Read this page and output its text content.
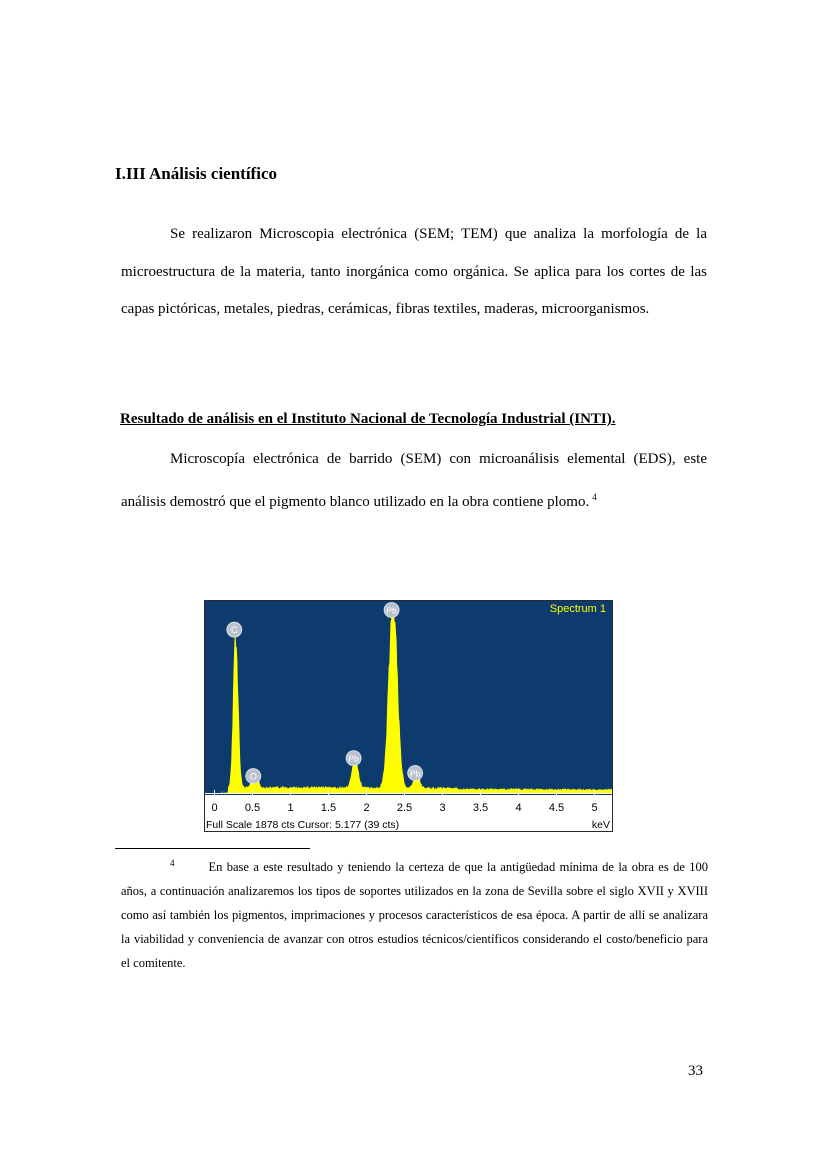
I.III Análisis científico

Se realizaron Microscopia electrónica (SEM; TEM) que analiza la morfología de la microestructura de la materia, tanto inorgánica como orgánica. Se aplica para los cortes de las capas pictóricas, metales, piedras, cerámicas, fibras textiles, maderas, microorganismos.

Resultado de análisis en el Instituto Nacional de Tecnología Industrial (INTI).

Microscopía electrónica de barrido (SEM) con microanálisis elemental (EDS), este análisis demostró que el pigmento blanco utilizado en la obra contiene plomo. $^4$

0 0.5 1 1.5 2 2.5 3 3.5 4 4.5 5
C
O
Pb
Pb
Pb
Spectrum 1
Full Scale 1878 cts Cursor: 5.177 (39 cts)	keV

$^4$	En base a este resultado y teniendo la certeza de que la antigüedad mínima de la obra es de 100 años, a continuación analizaremos los tipos de soportes utilizados en la zona de Sevilla sobre el siglo XVII y XVIII como así también los pigmentos, imprimaciones y procesos característicos de esa época. A partir de allí se analizara la viabilidad y conveniencia de avanzar con otros estudios técnicos/científicos considerando el costo/beneficio para el comitente.

33
